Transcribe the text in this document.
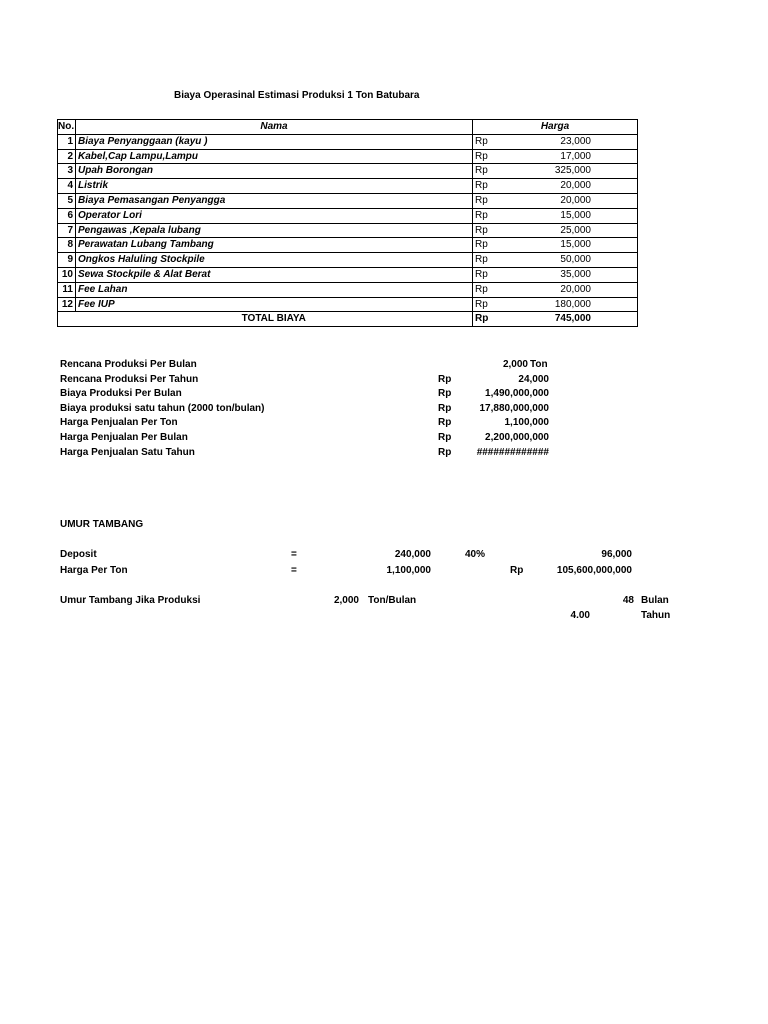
Biaya Operasinal Estimasi Produksi 1 Ton Batubara
No.	Nama	Harga	
1	Biaya Penyanggaan (kayu )	Rp	23,000
2	Kabel,Cap Lampu,Lampu	Rp	17,000
3	Upah Borongan	Rp	325,000
4	Listrik	Rp	20,000
5	Biaya Pemasangan Penyangga	Rp	20,000
6	Operator Lori	Rp	15,000
7	Pengawas ,Kepala lubang	Rp	25,000
8	Perawatan Lubang Tambang	Rp	15,000
9	Ongkos Haluling Stockpile	Rp	50,000
10	Sewa Stockpile & Alat Berat	Rp	35,000
11	Fee Lahan	Rp	20,000
12	Fee IUP	Rp	180,000
	TOTAL BIAYA	Rp	745,000
Rencana Produksi Per Bulan	2,000 Ton
Rencana Produksi Per Tahun	Rp	24,000
Biaya Produksi Per Bulan	Rp	1,490,000,000
Biaya produksi satu tahun (2000 ton/bulan)	Rp	17,880,000,000
Harga Penjualan Per Ton	Rp	1,100,000
Harga Penjualan Per Bulan	Rp	2,200,000,000
Harga Penjualan Satu Tahun	Rp	#############
UMUR TAMBANG
Deposit	=	240,000	40%	96,000
Harga Per Ton	=	1,100,000	Rp	105,600,000,000
Umur Tambang Jika Produksi	2,000 Ton/Bulan	48 Bulan
4.00	Tahun
